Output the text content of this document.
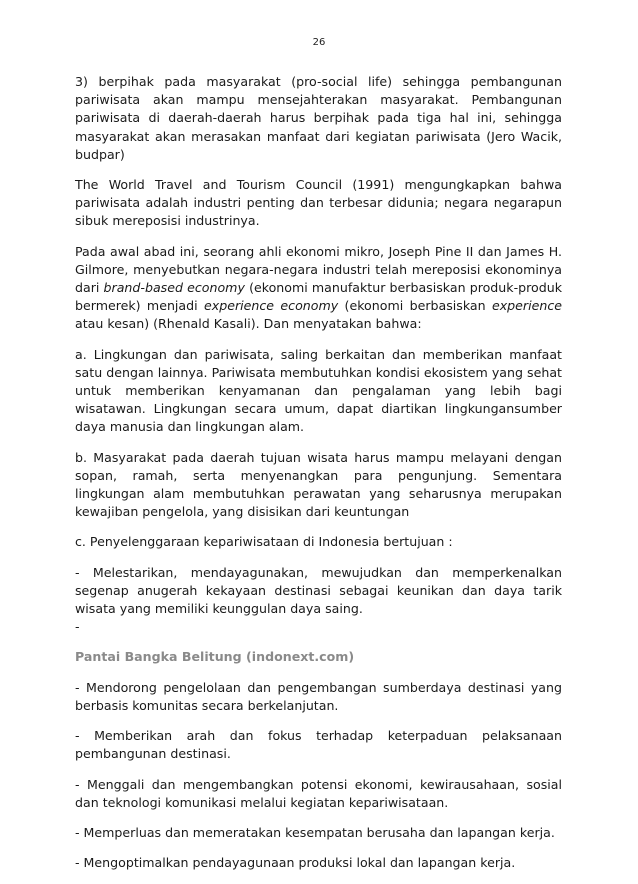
26

3) berpihak pada masyarakat (pro-social life) sehingga pembangunan pariwisata akan mampu mensejahterakan masyarakat. Pembangunan pariwisata di daerah-daerah harus berpihak pada tiga hal ini, sehingga masyarakat akan merasakan manfaat dari kegiatan pariwisata (Jero Wacik, budpar)

The World Travel and Tourism Council (1991) mengungkapkan bahwa pariwisata adalah industri penting dan terbesar didunia; negara negarapun sibuk mereposisi industrinya.

Pada awal abad ini, seorang ahli ekonomi mikro, Joseph Pine II dan James H. Gilmore, menyebutkan negara-negara industri telah mereposisi ekonominya dari brand-based economy (ekonomi manufaktur berbasiskan produk-produk bermerek) menjadi experience economy (ekonomi berbasiskan experience atau kesan) (Rhenald Kasali). Dan menyatakan bahwa:

a. Lingkungan dan pariwisata, saling berkaitan dan memberikan manfaat satu dengan lainnya. Pariwisata membutuhkan kondisi ekosistem yang sehat untuk memberikan kenyamanan dan pengalaman yang lebih bagi wisatawan. Lingkungan secara umum, dapat diartikan lingkungansumber daya manusia dan lingkungan alam.

b. Masyarakat pada daerah tujuan wisata harus mampu melayani dengan sopan, ramah, serta menyenangkan para pengunjung. Sementara lingkungan alam membutuhkan perawatan yang seharusnya merupakan kewajiban pengelola, yang disisikan dari keuntungan

c. Penyelenggaraan kepariwisataan di Indonesia bertujuan :

- Melestarikan, mendayagunakan, mewujudkan dan memperkenalkan segenap anugerah kekayaan destinasi sebagai keunikan dan daya tarik wisata yang memiliki keunggulan daya saing.

-

Pantai Bangka Belitung (indonext.com)

- Mendorong pengelolaan dan pengembangan sumberdaya destinasi yang berbasis komunitas secara berkelanjutan.

- Memberikan arah dan fokus terhadap keterpaduan pelaksanaan pembangunan destinasi.

- Menggali dan mengembangkan potensi ekonomi, kewirausahaan, sosial dan teknologi komunikasi melalui kegiatan kepariwisataan.

- Memperluas dan memeratakan kesempatan berusaha dan lapangan kerja.

- Mengoptimalkan pendayagunaan produksi lokal dan lapangan kerja.
